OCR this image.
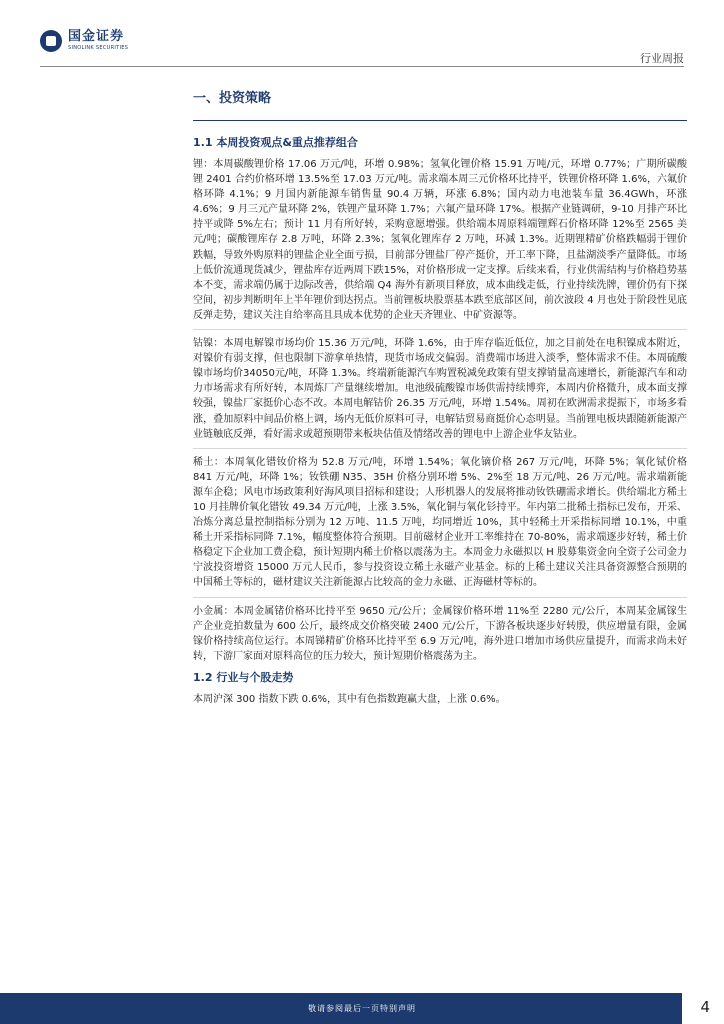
国金证券
SINOLINK SECURITIES
行业周报
一、投资策略
1.1 本周投资观点&重点推荐组合

锂：本周碳酸锂价格 17.06 万元/吨，环增 0.98%；氢氧化锂价格 15.91 万吨/元，环增 0.77%；广期所碳酸锂 2401 合约价格环增 13.5%至 17.03 万元/吨。需求端本周三元价格环比持平，铁锂价格环降 1.6%，六氟价格环降 4.1%；9 月国内新能源车销售量 90.4 万辆，环涨 6.8%；国内动力电池装车量 36.4GWh，环涨 4.6%；9 月三元产量环降 2%，铁锂产量环降 1.7%；六氟产量环降 17%。根据产业链调研，9-10 月排产环比持平或降 5%左右；预计 11 月有所好转，采购意愿增强。供给端本周原料端锂辉石价格环降 12%至 2565 美元/吨；碳酸锂库存 2.8 万吨，环降 2.3%；氢氧化锂库存 2 万吨，环减 1.3%。近期锂精矿价格跌幅弱于锂价跌幅，导致外购原料的锂盐企业全面亏损，目前部分锂盐厂停产挺价，开工率下降，且盐湖淡季产量降低。市场上低价流通现货减少，锂盐库存近两周下跌15%，对价格形成一定支撑。后续来看，行业供需结构与价格趋势基本不变，需求端仍属于边际改善，供给端 Q4 海外有新项目释放，成本曲线走低，行业持续洗牌，锂价仍有下探空间，初步判断明年上半年锂价到达拐点。当前锂板块股票基本跌至底部区间，前次波段 4 月也处于阶段性见底反弹走势，建议关注自给率高且具成本优势的企业天齐锂业、中矿资源等。

钴镍：本周电解镍市场均价 15.36 万元/吨，环降 1.6%，由于库存临近低位，加之目前处在电积镍成本附近，对镍价有弱支撑，但也限制下游拿单热情，现货市场成交偏弱。消费端市场进入淡季，整体需求不佳。本周硫酸镍市场均价34050元/吨，环降 1.3%。终端新能源汽车购置税减免政策有望支撑销量高速增长，新能源汽车和动力市场需求有所好转，本周炼厂产量继续增加。电池级硫酸镍市场供需持续博弈，本周内价格微升，成本面支撑较强，镍盐厂家挺价心态不改。本周电解钴价 26.35 万元/吨，环增 1.54%。周初在欧洲需求提振下，市场多看涨，叠加原料中间品价格上调，场内无低价原料可寻，电解钴贸易商挺价心态明显。当前锂电板块跟随新能源产业链触底反弹，看好需求或超预期带来板块估值及情绪改善的锂电中上游企业华友钴业。

稀土：本周氧化镨钕价格为 52.8 万元/吨，环增 1.54%；氧化镝价格 267 万元/吨，环降 5%；氧化铽价格 841 万元/吨，环降 1%；钕铁硼 N35、35H 价格分别环增 5%、2%至 18 万元/吨、26 万元/吨。需求端新能源车企稳；风电市场政策利好海风项目招标和建设；人形机器人的发展将推动钕铁硼需求增长。供给端北方稀土 10 月挂牌价氧化镨钕 49.34 万元/吨，上涨 3.5%，氧化铜与氧化钐持平。年内第二批稀土指标已发布，开采、冶炼分离总量控制指标分别为 12 万吨、11.5 万吨，均同增近 10%，其中轻稀土开采指标同增 10.1%，中重稀土开采指标同降 7.1%，幅度整体符合预期。目前磁材企业开工率维持在 70-80%，需求端逐步好转，稀土价格稳定下企业加工费企稳，预计短期内稀土价格以震荡为主。本周金力永磁拟以 H 股募集资金向全资子公司金力宁波投资增资 15000 万元人民币，参与投资设立稀土永磁产业基金。标的上稀土建议关注具备资源整合预期的中国稀土等标的，磁材建议关注新能源占比较高的金力永磁、正海磁材等标的。

小金属：本周金属锗价格环比持平至 9650 元/公斤；金属镓价格环增 11%至 2280 元/公斤，本周某金属镓生产企业竞拍数量为 600 公斤，最终成交价格突破 2400 元/公斤，下游各板块逐步好转殷，供应增量有限，金属镓价格持续高位运行。本周锑精矿价格环比持平至 6.9 万元/吨，海外进口增加市场供应量提升，而需求尚未好转，下游厂家面对原料高位的压力较大，预计短期价格震荡为主。

1.2 行业与个股走势

本周沪深 300 指数下跌 0.6%，其中有色指数跑赢大盘，上涨 0.6%。

敬请参阅最后一页特别声明	4
